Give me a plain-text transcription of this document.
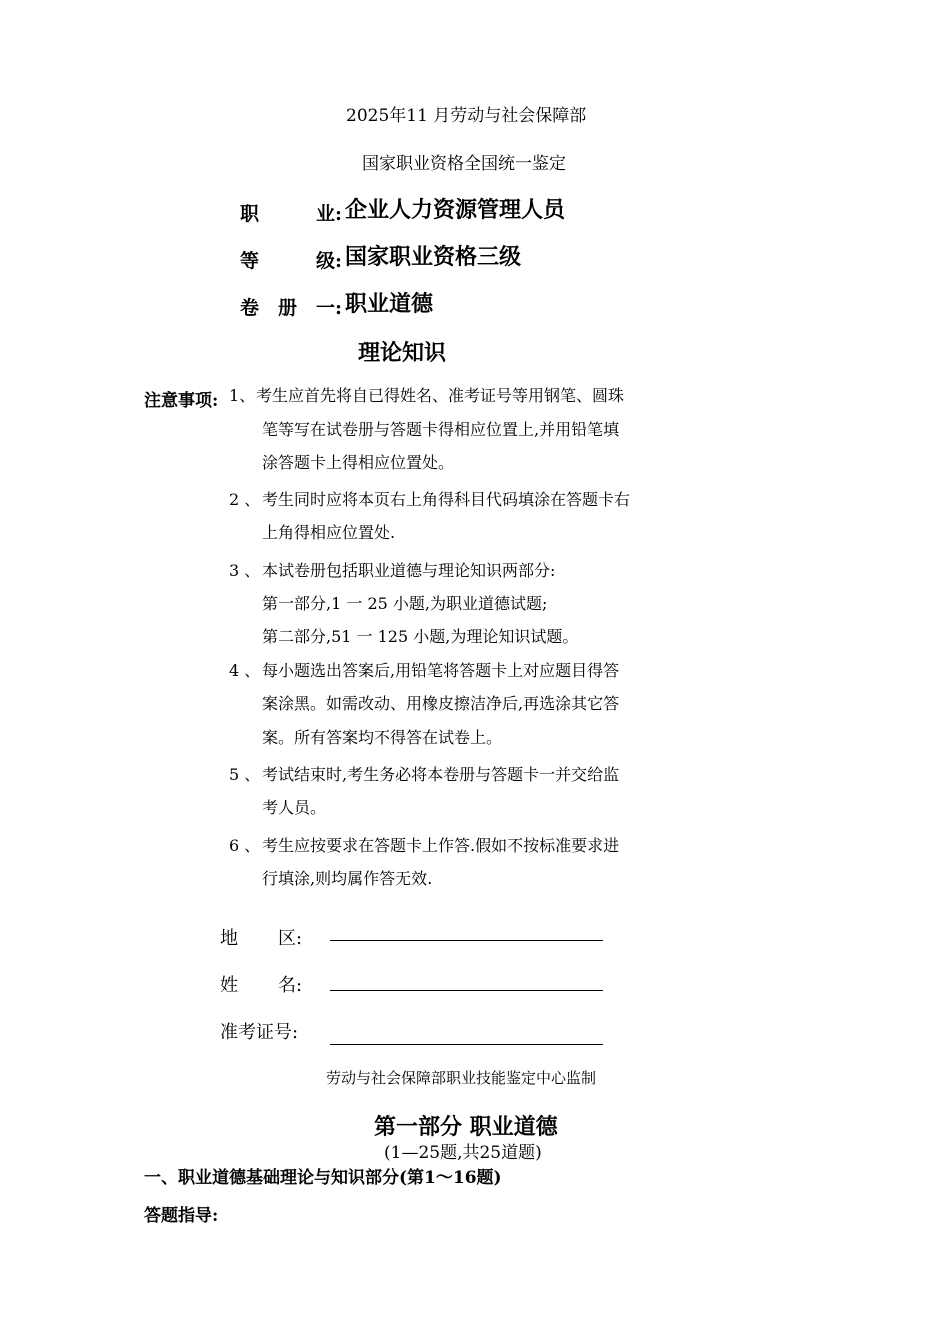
2025年11 月劳动与社会保障部
国家职业资格全国统一鉴定
职	业: 企业人力资源管理人员
等	级: 国家职业资格三级
卷 册 一: 职业道德
理论知识
注意事项: 1、 考生应首先将自已得姓名、准考证号等用钢笔、圆珠
笔等写在试卷册与答题卡得相应位置上,并用铅笔填
涂答题卡上得相应位置处。
2 、 考生同时应将本页右上角得科目代码填涂在答题卡右
上角得相应位置处.
3 、 本试卷册包括职业道德与理论知识两部分:
第一部分,1 一 25 小题,为职业道德试题;
第二部分,51 一 125 小题,为理论知识试题。
4 、 每小题选出答案后,用铅笔将答题卡上对应题目得答
案涂黑。如需改动、用橡皮擦洁净后,再选涂其它答
案。所有答案均不得答在试卷上。
5 、 考试结束时,考生务必将本卷册与答题卡一并交给监
考人员。
6 、 考生应按要求在答题卡上作答.假如不按标准要求进
行填涂,则均属作答无效.
地 区:
姓 名:
准考证号:
劳动与社会保障部职业技能鉴定中心监制
第一部分 职业道德
(1—25题,共25道题)
一、职业道德基础理论与知识部分(第1～16题)
答题指导:
